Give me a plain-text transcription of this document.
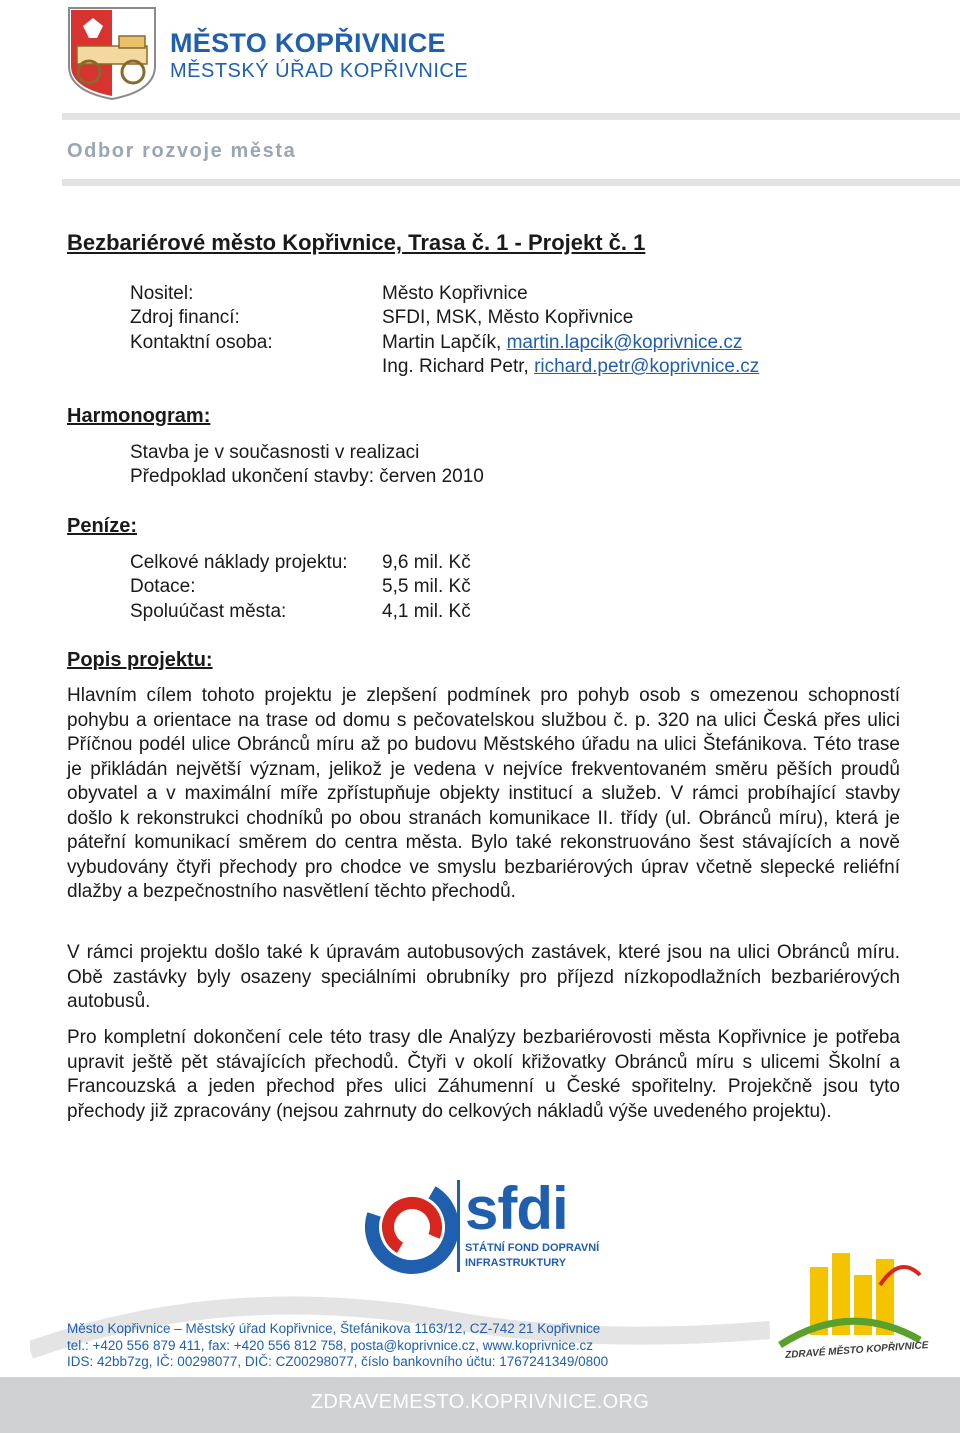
MĚSTO KOPŘIVNICE
MĚSTSKÝ ÚŘAD KOPŘIVNICE
Odbor rozvoje města
Bezbariérové město Kopřivnice, Trasa č. 1 - Projekt č. 1
Nositel:	Město Kopřivnice
Zdroj financí:	SFDI, MSK, Město Kopřivnice
Kontaktní osoba:	Martin Lapčík, martin.lapcik@koprivnice.cz
Ing. Richard Petr, richard.petr@koprivnice.cz
Harmonogram:
Stavba je v současnosti v realizaci
Předpoklad ukončení stavby: červen 2010
Peníze:
Celkové náklady projektu: 9,6 mil. Kč
Dotace:	5,5 mil. Kč
Spoluúčast města:	4,1 mil. Kč
Popis projektu:
Hlavním cílem tohoto projektu je zlepšení podmínek pro pohyb osob s omezenou schopností pohybu a orientace na trase od domu s pečovatelskou službou č. p. 320 na ulici Česká přes ulici Příčnou podél ulice Obránců míru až po budovu Městského úřadu na ulici Štefánikova. Této trase je přikládán největší význam, jelikož je vedena v nejvíce frekventovaném směru pěších proudů obyvatel a v maximální míře zpřístupňuje objekty institucí a služeb. V rámci probíhající stavby došlo k rekonstrukci chodníků po obou stranách komunikace II. třídy (ul. Obránců míru), která je páteřní komunikací směrem do centra města. Bylo také rekonstruováno šest stávajících a nově vybudovány čtyři přechody pro chodce ve smyslu bezbariérových úprav včetně slepecké reliéfní dlažby a bezpečnostního nasvětlení těchto přechodů.
V rámci projektu došlo také k úpravám autobusových zastávek, které jsou na ulici Obránců míru. Obě zastávky byly osazeny speciálními obrubníky pro příjezd nízkopodlažních bezbariérových autobusů.
Pro kompletní dokončení cele této trasy dle Analýzy bezbariérovosti města Kopřivnice je potřeba upravit ještě pět stávajících přechodů. Čtyři v okolí křižovatky Obránců míru s ulicemi Školní a Francouzská a jeden přechod přes ulici Záhumenní u České spořitelny. Projekčně jsou tyto přechody již zpracovány (nejsou zahrnuty do celkových nákladů výše uvedeného projektu).
sfdi
STÁTNÍ FOND DOPRAVNÍ
INFRASTRUKTURY
ZDRAVÉ MĚSTO KOPŘIVNICE
Město Kopřivnice – Městský úřad Kopřivnice, Štefánikova 1163/12, CZ-742 21 Kopřivnice
tel.: +420 556 879 411, fax: +420 556 812 758, posta@koprivnice.cz, www.koprivnice.cz
IDS: 42bb7zg, IČ: 00298077, DIČ: CZ00298077, číslo bankovního účtu: 1767241349/0800
ZDRAVEMESTO.KOPRIVNICE.ORG
